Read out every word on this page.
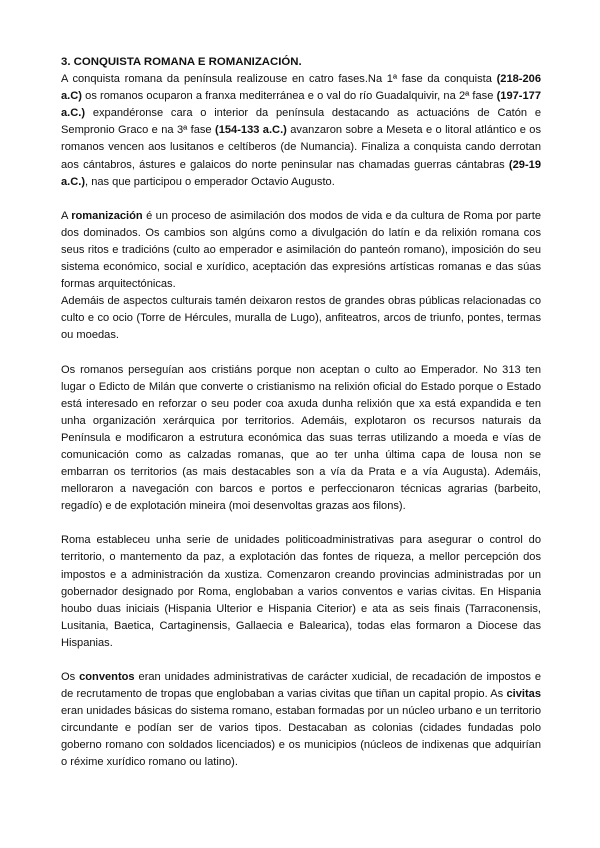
3. CONQUISTA ROMANA E ROMANIZACIÓN.

A conquista romana da península realizouse en catro fases.Na 1ª fase da conquista (218-206 a.C) os romanos ocuparon a franxa mediterránea e o val do río Guadalquivir, na 2ª fase (197-177 a.C.) expandéronse cara o interior da península destacando as actuacións de Catón e Sempronio Graco e na 3ª fase (154-133 a.C.) avanzaron sobre a Meseta e o litoral atlántico e os romanos vencen aos lusitanos e celtíberos (de Numancia). Finaliza a conquista cando derrotan aos cántabros, ástures e galaicos do norte peninsular nas chamadas guerras cántabras (29-19 a.C.), nas que participou o emperador Octavio Augusto.

A romanización é un proceso de asimilación dos modos de vida e da cultura de Roma por parte dos dominados. Os cambios son algúns como a divulgación do latín e da relixión romana cos seus ritos e tradicións (culto ao emperador e asimilación do panteón romano), imposición do seu sistema económico, social e xurídico, aceptación das expresións artísticas romanas e das súas formas arquitectónicas.

Ademáis de aspectos culturais tamén deixaron restos de grandes obras públicas relacionadas co culto e co ocio (Torre de Hércules, muralla de Lugo), anfiteatros, arcos de triunfo, pontes, termas ou moedas.

Os romanos perseguían aos cristiáns porque non aceptan o culto ao Emperador. No 313 ten lugar o Edicto de Milán que converte o cristianismo na relixión oficial do Estado porque o Estado está interesado en reforzar o seu poder coa axuda dunha relixión que xa está expandida e ten unha organización xerárquica por territorios. Ademáis, explotaron os recursos naturais da Península e modificaron a estrutura económica das suas terras utilizando a moeda e vías de comunicación como as calzadas romanas, que ao ter unha última capa de lousa non se embarran os territorios (as mais destacables son a vía da Prata e a vía Augusta). Ademáis, melloraron a navegación con barcos e portos e perfeccionaron técnicas agrarias (barbeito, regadío) e de explotación mineira (moi desenvoltas grazas aos filons).

Roma estableceu unha serie de unidades politicoadministrativas para asegurar o control do territorio, o mantemento da paz, a explotación das fontes de riqueza, a mellor percepción dos impostos e a administración da xustiza. Comenzaron creando provincias administradas por un gobernador designado por Roma, englobaban a varios conventos e varias civitas. En Hispania houbo duas iniciais (Hispania Ulterior e Hispania Citerior) e ata as seis finais (Tarraconensis, Lusitania, Baetica, Cartaginensis, Gallaecia e Balearica), todas elas formaron a Diocese das Hispanias.

Os conventos eran unidades administrativas de carácter xudicial, de recadación de impostos e de recrutamento de tropas que englobaban a varias civitas que tiñan un capital propio. As civitas eran unidades básicas do sistema romano, estaban formadas por un núcleo urbano e un territorio circundante e podían ser de varios tipos. Destacaban as colonias (cidades fundadas polo goberno romano con soldados licenciados) e os municipios (núcleos de indixenas que adquirían o réxime xurídico romano ou latino).
